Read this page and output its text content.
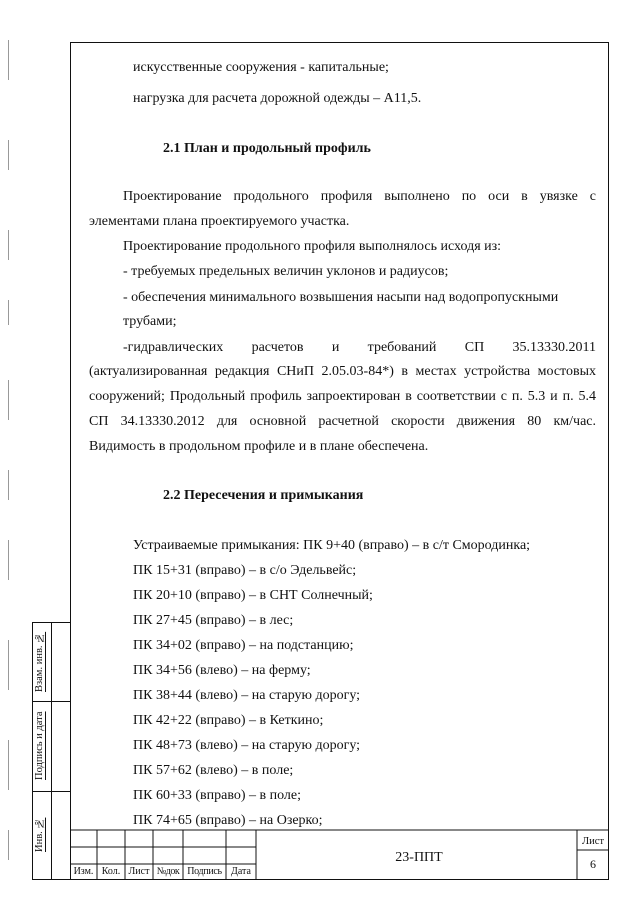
искусственные сооружения - капитальные;
нагрузка для расчета дорожной одежды – А11,5.
2.1 План и продольный профиль
Проектирование продольного профиля выполнено по оси в увязке с
элементами плана проектируемого участка.
Проектирование продольного профиля выполнялось исходя из:
- требуемых предельных величин уклонов и радиусов;
- обеспечения минимального возвышения насыпи над водопропускными
трубами;
-гидравлических расчетов и требований СП 35.13330.2011
(актуализированная редакция СНиП 2.05.03-84*) в местах устройства мостовых
сооружений; Продольный профиль запроектирован в соответствии с п. 5.3 и п. 5.4
СП 34.13330.2012 для основной расчетной скорости движения 80 км/час.
Видимость в продольном профиле и в плане обеспечена.
2.2 Пересечения и примыкания
Устраиваемые примыкания: ПК 9+40 (вправо) – в с/т Смородинка;
ПК 15+31 (вправо) – в с/о Эдельвейс;
ПК 20+10 (вправо) – в СНТ Солнечный;
ПК 27+45 (вправо) – в лес;
ПК 34+02 (вправо) – на подстанцию;
ПК 34+56 (влево) – на ферму;
ПК 38+44 (влево) – на старую дорогу;
ПК 42+22 (вправо) – в Кеткино;
ПК 48+73 (влево) – на старую дорогу;
ПК 57+62 (влево) – в поле;
ПК 60+33 (вправо) – в поле;
ПК 74+65 (вправо) – на Озерко;
Взам. инв. №
Подпись и дата
Инв. №
Изм. Кол. Лист №док Подпись Дата
23-ППТ
Лист
6
